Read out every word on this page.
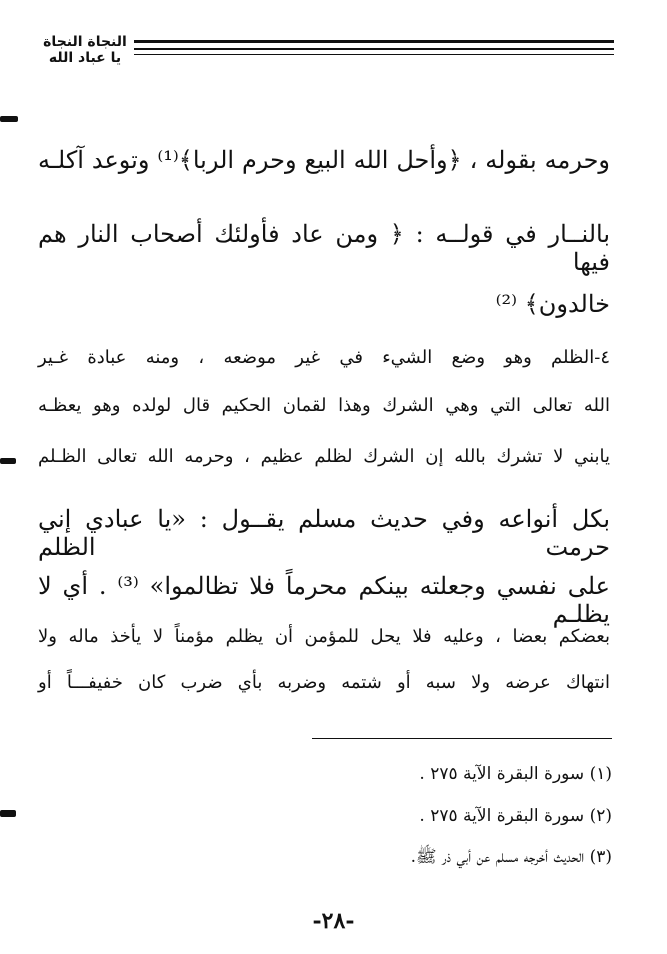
النجاة النجاة
يا عباد الله
وحرمه بقوله ، ﴿وأحل الله البيع وحرم الربا﴾⁽¹⁾ وتوعد آكلـه
بالنــار في قولــه : ﴿ ومن عاد فأولئك أصحاب النار هم فيها
خالدون﴾ ⁽²⁾
٤-الظلم وهو وضع الشيء في غير موضعه ، ومنه عبادة غـير
الله تعالى التي وهي الشرك وهذا لقمان الحكيم قال لولده وهو يعظـه
يابني لا تشرك بالله إن الشرك لظلم عظيم ، وحرمه الله تعالى الظـلم
بكل أنواعه وفي حديث مسلم يقــول : «يا عبادي إني حرمت الظلم
على نفسي وجعلته بينكم محرماً فلا تظالموا» ⁽³⁾ . أي لا يظلـم
بعضكم بعضا ، وعليه فلا يحل للمؤمن أن يظلم مؤمناً لا يأخذ ماله ولا
انتهاك عرضه ولا سبه أو شتمه وضربه بأي ضرب كان خفيفـــاً أو
(١) سورة البقرة الآية ٢٧٥ .
(٢) سورة البقرة الآية ٢٧٥ .
(٣) الحديث أخرجه مسلم عن أبي ذر ﷺ.
-٢٨-
